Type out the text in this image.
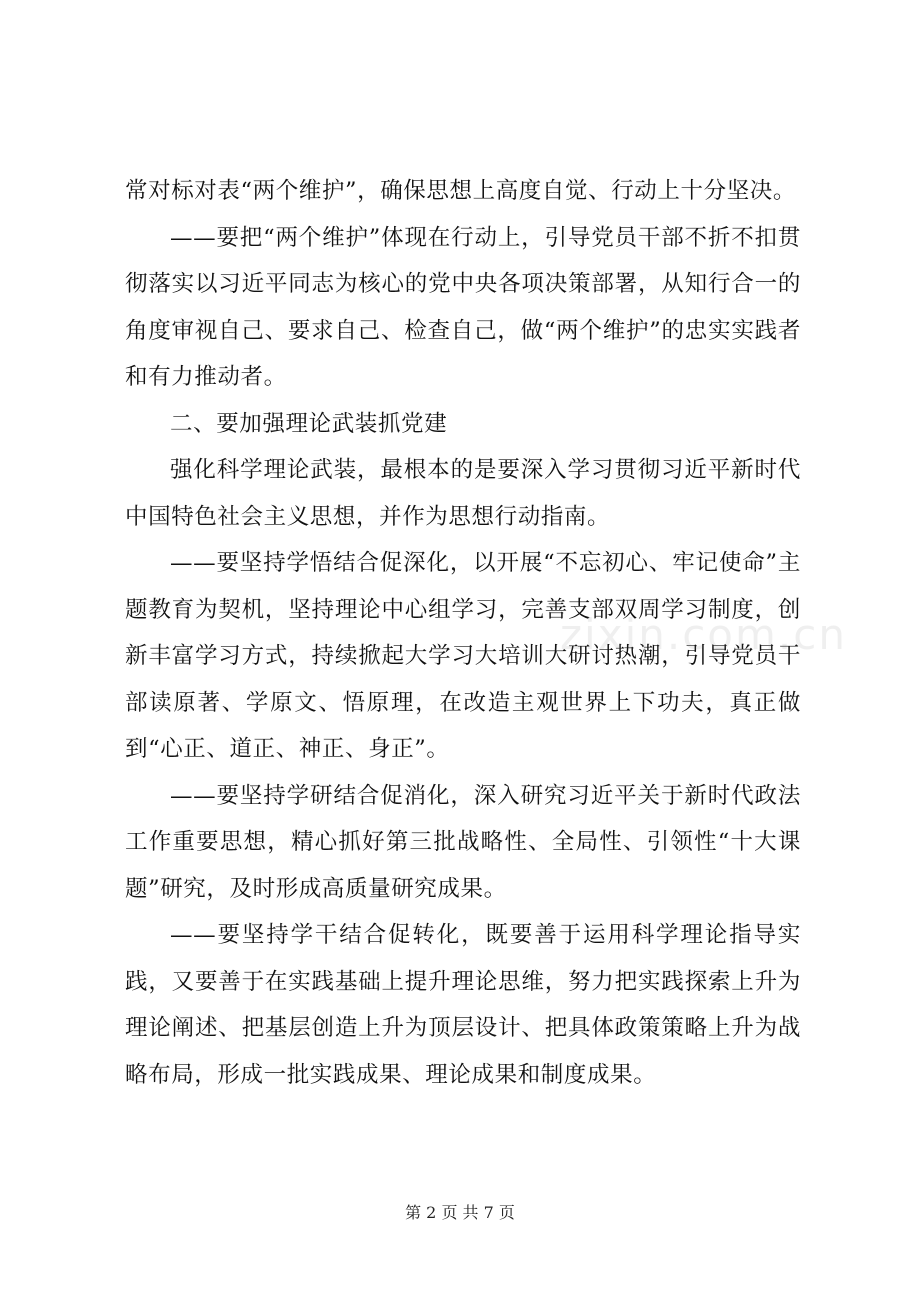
常对标对表“两个维护”，确保思想上高度自觉、行动上十分坚决。

——要把“两个维护”体现在行动上，引导党员干部不折不扣贯彻落实以习近平同志为核心的党中央各项决策部署，从知行合一的角度审视自己、要求自己、检查自己，做“两个维护”的忠实实践者和有力推动者。

二、要加强理论武装抓党建

强化科学理论武装，最根本的是要深入学习贯彻习近平新时代中国特色社会主义思想，并作为思想行动指南。

——要坚持学悟结合促深化，以开展“不忘初心、牢记使命”主题教育为契机，坚持理论中心组学习，完善支部双周学习制度，创新丰富学习方式，持续掀起大学习大培训大研讨热潮，引导党员干部读原著、学原文、悟原理，在改造主观世界上下功夫，真正做到“心正、道正、神正、身正”。

——要坚持学研结合促消化，深入研究习近平关于新时代政法工作重要思想，精心抓好第三批战略性、全局性、引领性“十大课题”研究，及时形成高质量研究成果。

——要坚持学干结合促转化，既要善于运用科学理论指导实践，又要善于在实践基础上提升理论思维，努力把实践探索上升为理论阐述、把基层创造上升为顶层设计、把具体政策策略上升为战略布局，形成一批实践成果、理论成果和制度成果。

zixin.com.cn
第 2 页 共 7 页
